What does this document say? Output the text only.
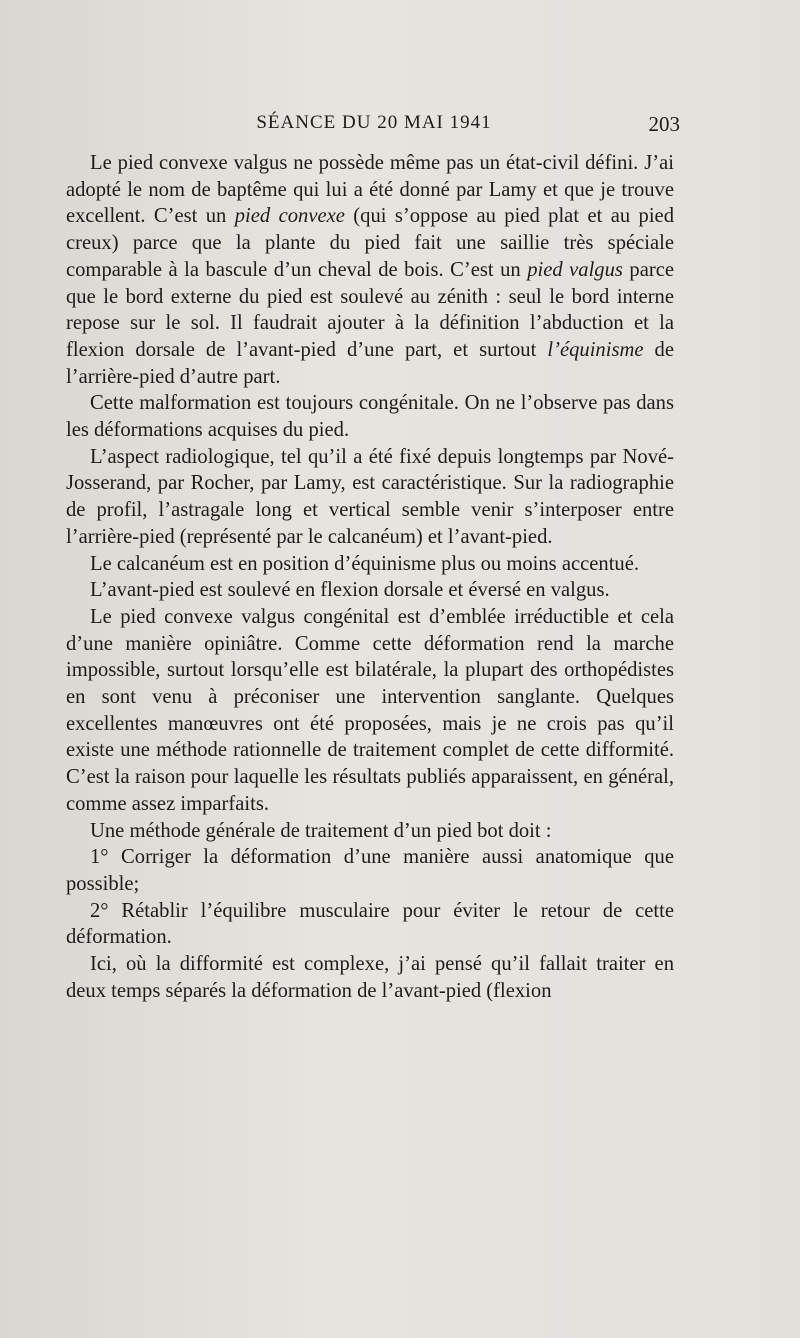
SÉANCE DU 20 MAI 1941	203

Le pied convexe valgus ne possède même pas un état-civil défini. J’ai adopté le nom de baptême qui lui a été donné par Lamy et que je trouve excellent. C’est un pied convexe (qui s’oppose au pied plat et au pied creux) parce que la plante du pied fait une saillie très spéciale comparable à la bascule d’un cheval de bois. C’est un pied valgus parce que le bord externe du pied est soulevé au zénith : seul le bord interne repose sur le sol. Il faudrait ajouter à la définition l’abduction et la flexion dorsale de l’avant-pied d’une part, et surtout l’équinisme de l’arrière-pied d’autre part.

Cette malformation est toujours congénitale. On ne l’observe pas dans les déformations acquises du pied.

L’aspect radiologique, tel qu’il a été fixé depuis longtemps par Nové-Josserand, par Rocher, par Lamy, est caractéristique. Sur la radiographie de profil, l’astragale long et vertical semble venir s’interposer entre l’arrière-pied (représenté par le calcanéum) et l’avant-pied.

Le calcanéum est en position d’équinisme plus ou moins accentué.

L’avant-pied est soulevé en flexion dorsale et éversé en valgus.

Le pied convexe valgus congénital est d’emblée irréductible et cela d’une manière opiniâtre. Comme cette déformation rend la marche impossible, surtout lorsqu’elle est bilatérale, la plupart des orthopédistes en sont venu à préconiser une intervention sanglante. Quelques excellentes manœuvres ont été proposées, mais je ne crois pas qu’il existe une méthode rationnelle de traitement complet de cette difformité. C’est la raison pour laquelle les résultats publiés apparaissent, en général, comme assez imparfaits.

Une méthode générale de traitement d’un pied bot doit :

1° Corriger la déformation d’une manière aussi anatomique que possible;

2° Rétablir l’équilibre musculaire pour éviter le retour de cette déformation.

Ici, où la difformité est complexe, j’ai pensé qu’il fallait traiter en deux temps séparés la déformation de l’avant-pied (flexion
